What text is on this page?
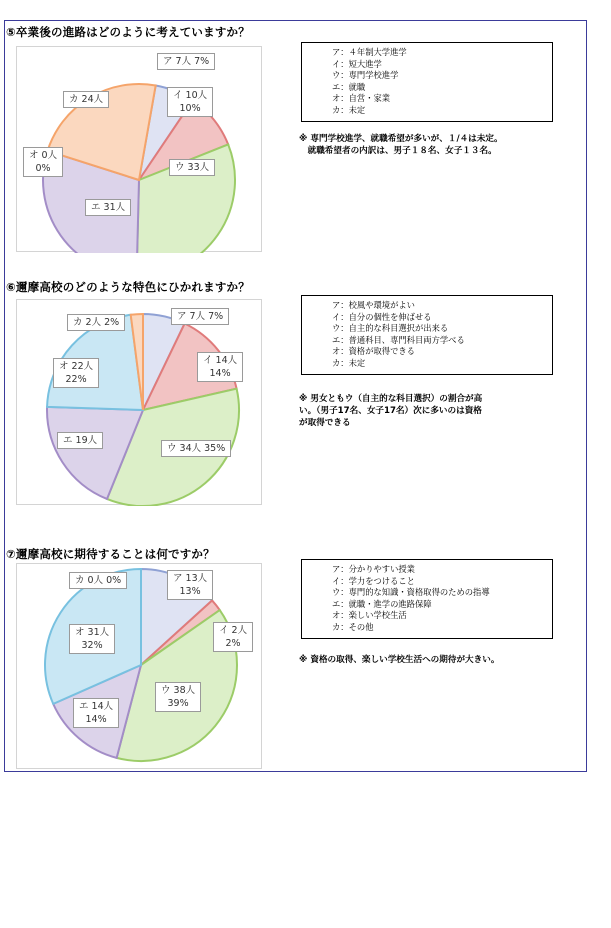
⑤卒業後の進路はどのように考えていますか？
ア 7人 7%
イ 10人
10%
ウ 33人
エ 31人
オ 0人
0%
カ 24人
ア：４年制大学進学
イ：短大進学
ウ：専門学校進学
エ：就職
オ：自営・家業
カ：未定
※ 専門学校進学、就職希望が多いが、１/４は未定。
　就職希望者の内訳は、男子１８名、女子１３名。
⑥邇摩高校のどのような特色にひかれますか？
ア 7人 7%
イ 14人
14%
ウ 34人 35%
エ 19人
オ 22人
22%
カ 2人 2%
ア：校風や環境がよい
イ：自分の個性を伸ばせる
ウ：自主的な科目選択が出来る
エ：普通科目、専門科目両方学べる
オ：資格が取得できる
カ：未定
※ 男女ともウ（自主的な科目選択）の割合が高
い。（男子17名、女子17名）次に多いのは資格
が取得できる
⑦邇摩高校に期待することは何ですか？
ア 13人
13%
イ 2人
2%
ウ 38人
39%
エ 14人
14%
オ 31人
32%
カ 0人 0%
ア：分かりやすい授業
イ：学力をつけること
ウ：専門的な知識・資格取得のための指導
エ：就職・進学の進路保障
オ：楽しい学校生活
カ：その他
※ 資格の取得、楽しい学校生活への期待が大きい。
